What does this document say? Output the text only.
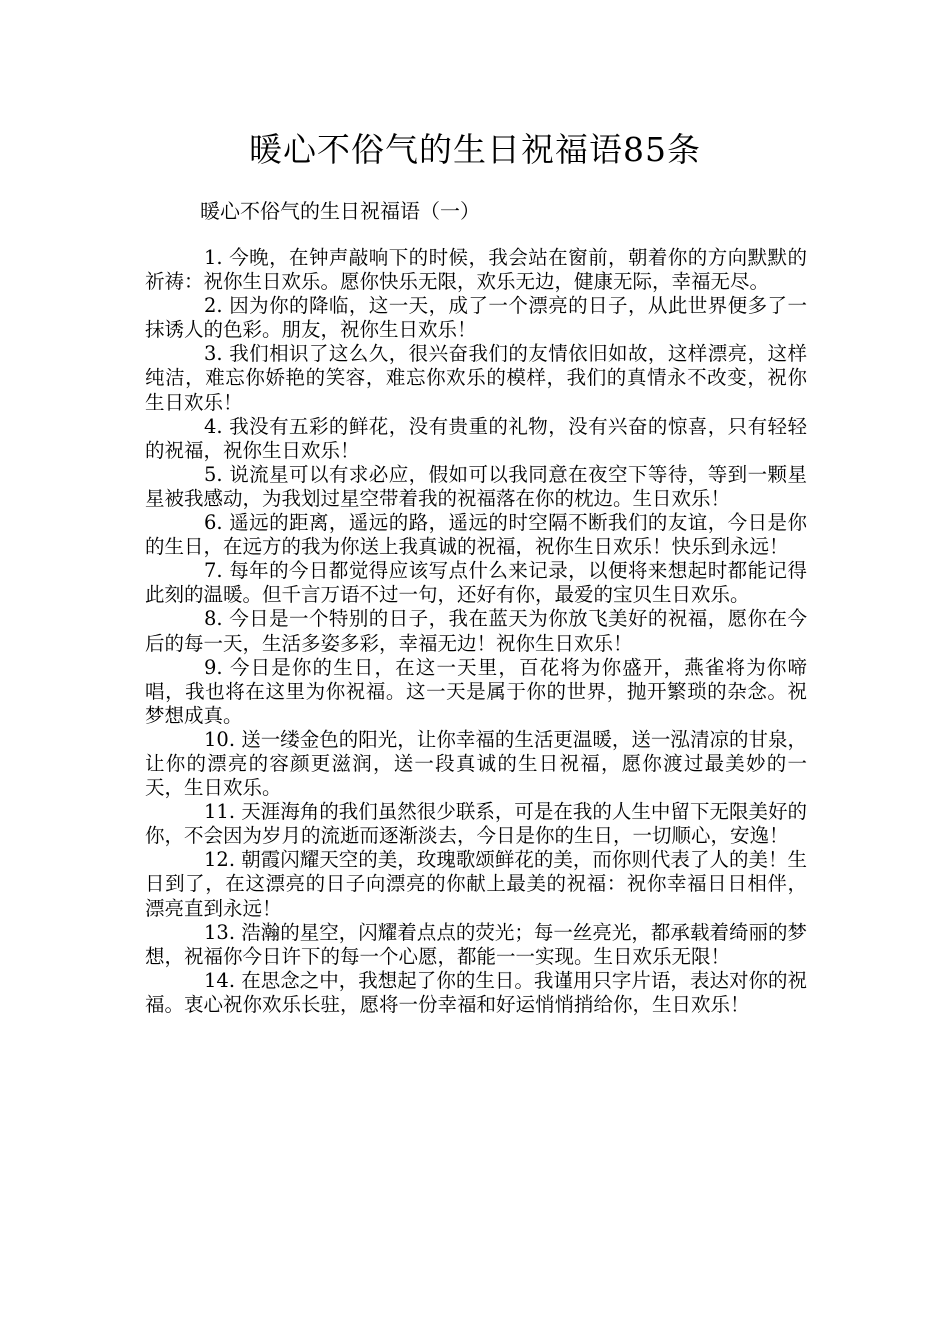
暖心不俗气的生日祝福语85条
暖心不俗气的生日祝福语（一）
1. 今晚，在钟声敲响下的时候，我会站在窗前，朝着你的方向默默的祈祷：祝你生日欢乐。愿你快乐无限，欢乐无边，健康无际，幸福无尽。
2. 因为你的降临，这一天，成了一个漂亮的日子，从此世界便多了一抹诱人的色彩。朋友，祝你生日欢乐！
3. 我们相识了这么久，很兴奋我们的友情依旧如故，这样漂亮，这样纯洁，难忘你娇艳的笑容，难忘你欢乐的模样，我们的真情永不改变，祝你生日欢乐！
4. 我没有五彩的鲜花，没有贵重的礼物，没有兴奋的惊喜，只有轻轻的祝福，祝你生日欢乐！
5. 说流星可以有求必应，假如可以我同意在夜空下等待，等到一颗星星被我感动，为我划过星空带着我的祝福落在你的枕边。生日欢乐！
6. 遥远的距离，遥远的路，遥远的时空隔不断我们的友谊，今日是你的生日，在远方的我为你送上我真诚的祝福，祝你生日欢乐！快乐到永远！
7. 每年的今日都觉得应该写点什么来记录，以便将来想起时都能记得此刻的温暖。但千言万语不过一句，还好有你，最爱的宝贝生日欢乐。
8. 今日是一个特别的日子，我在蓝天为你放飞美好的祝福，愿你在今后的每一天，生活多姿多彩，幸福无边！祝你生日欢乐！
9. 今日是你的生日，在这一天里，百花将为你盛开，燕雀将为你啼唱，我也将在这里为你祝福。这一天是属于你的世界，抛开繁琐的杂念。祝梦想成真。
10. 送一缕金色的阳光，让你幸福的生活更温暖，送一泓清凉的甘泉，让你的漂亮的容颜更滋润，送一段真诚的生日祝福，愿你渡过最美妙的一天，生日欢乐。
11. 天涯海角的我们虽然很少联系，可是在我的人生中留下无限美好的你，不会因为岁月的流逝而逐渐淡去，今日是你的生日，一切顺心，安逸！
12. 朝霞闪耀天空的美，玫瑰歌颂鲜花的美，而你则代表了人的美！生日到了，在这漂亮的日子向漂亮的你献上最美的祝福：祝你幸福日日相伴，漂亮直到永远！
13. 浩瀚的星空，闪耀着点点的荧光；每一丝亮光，都承载着绮丽的梦想，祝福你今日许下的每一个心愿，都能一一实现。生日欢乐无限！
14. 在思念之中，我想起了你的生日。我谨用只字片语，表达对你的祝福。衷心祝你欢乐长驻，愿将一份幸福和好运悄悄捎给你，生日欢乐！
